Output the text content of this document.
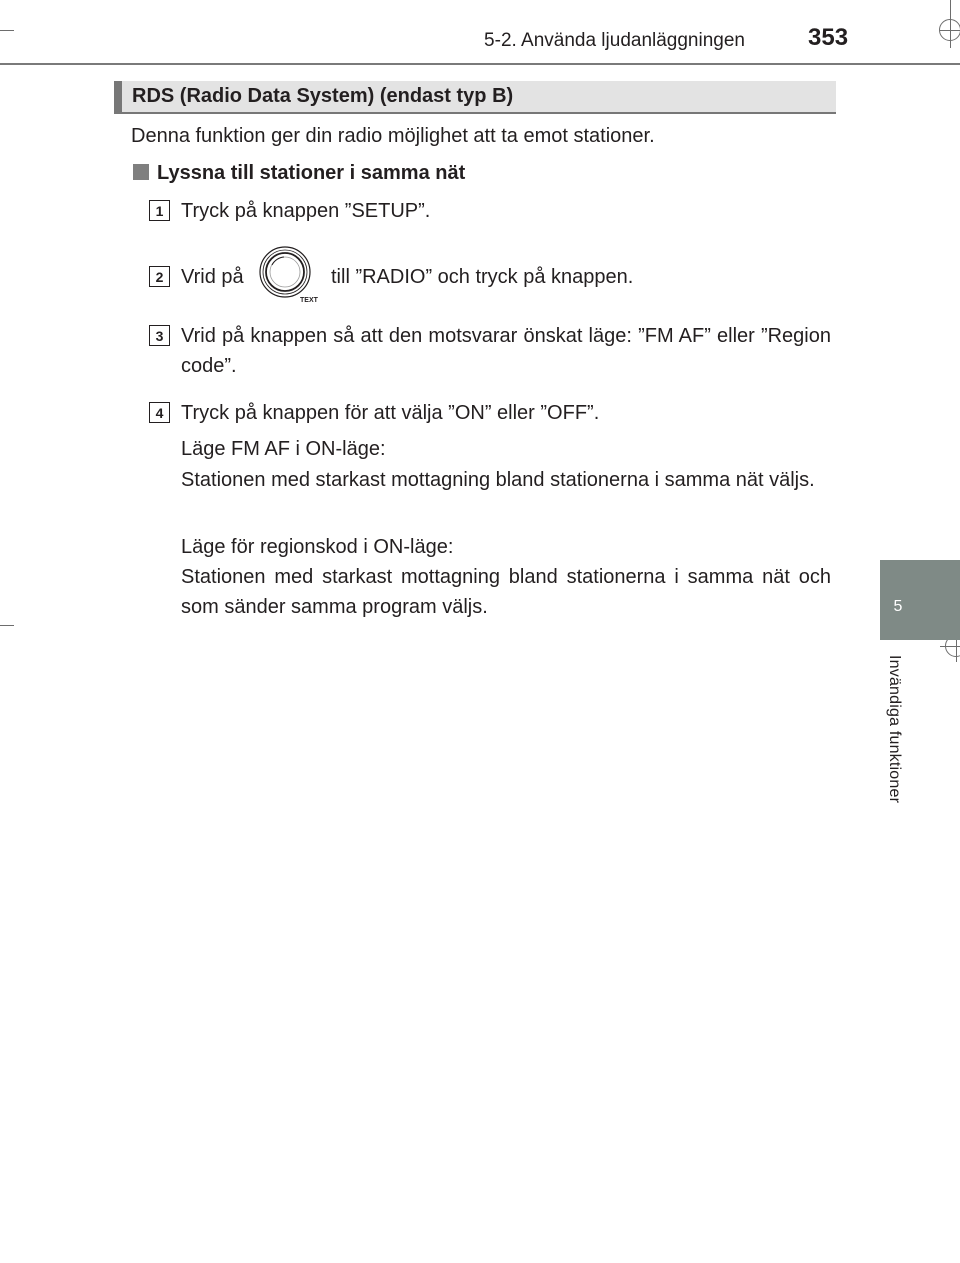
5-2. Använda ljudanläggningen	353
5
Invändiga funktioner
RDS (Radio Data System) (endast typ B)
Denna funktion ger din radio möjlighet att ta emot stationer.
Lyssna till stationer i samma nät
1 Tryck på knappen ”SETUP”.
2 Vrid på
TEXT
till ”RADIO” och tryck på knappen.
3 Vrid på knappen så att den motsvarar önskat läge: ”FM AF” eller ”Region code”.
4 Tryck på knappen för att välja ”ON” eller ”OFF”.
Läge FM AF i ON-läge:
Stationen med starkast mottagning bland stationerna i samma nät väljs.
Läge för regionskod i ON-läge:
Stationen med starkast mottagning bland stationerna i samma nät och som sänder samma program väljs.
